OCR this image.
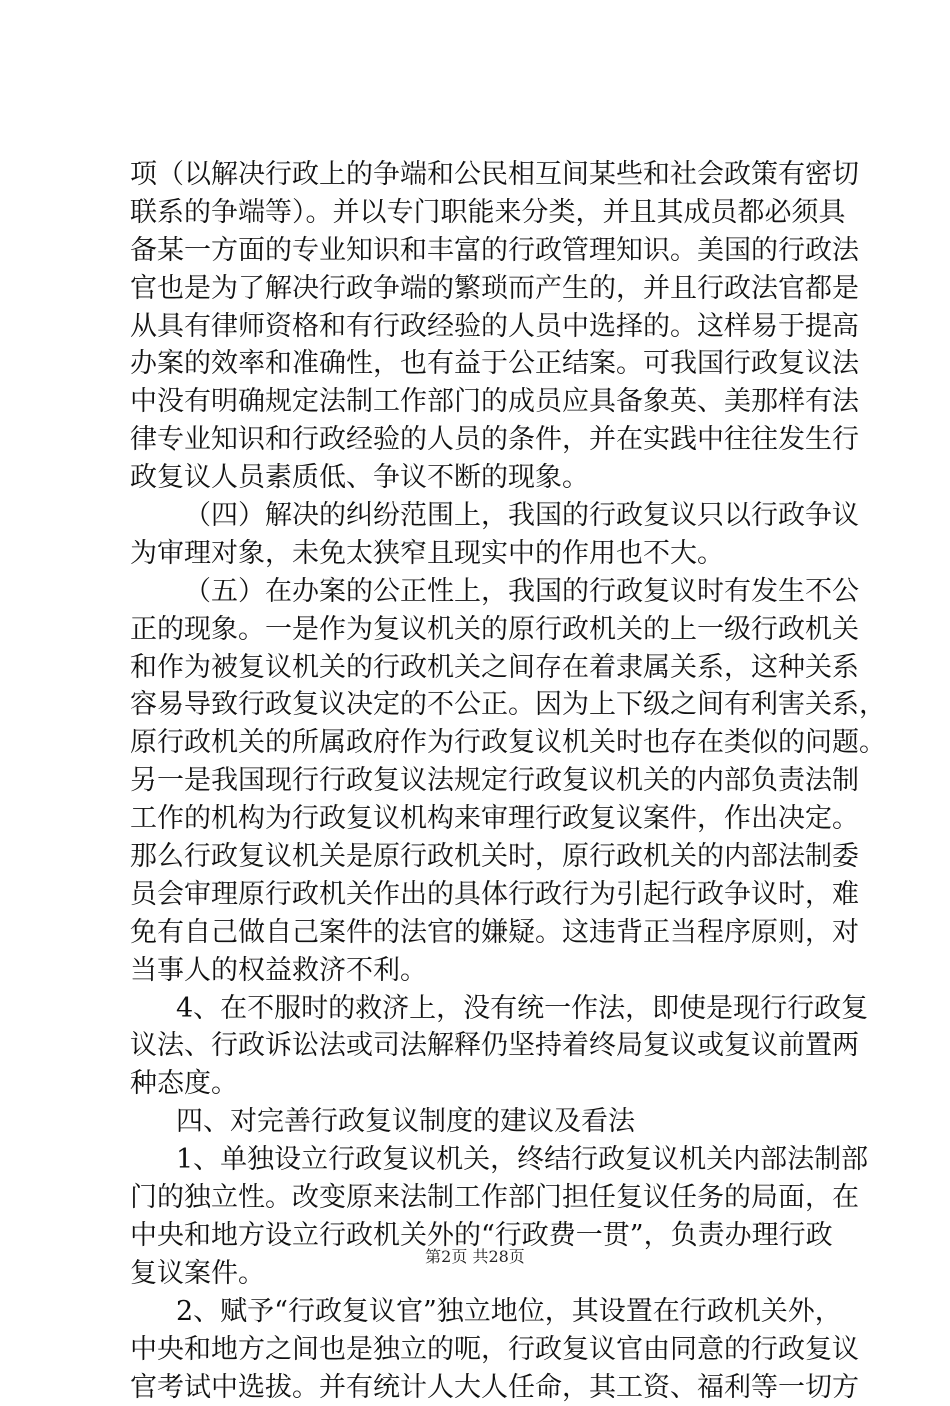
项（以解决行政上的争端和公民相互间某些和社会政策有密切
联系的争端等）。并以专门职能来分类，并且其成员都必须具
备某一方面的专业知识和丰富的行政管理知识。美国的行政法
官也是为了解决行政争端的繁琐而产生的，并且行政法官都是
从具有律师资格和有行政经验的人员中选择的。这样易于提高
办案的效率和准确性，也有益于公正结案。可我国行政复议法
中没有明确规定法制工作部门的成员应具备象英、美那样有法
律专业知识和行政经验的人员的条件，并在实践中往往发生行
政复议人员素质低、争议不断的现象。
（四）解决的纠纷范围上，我国的行政复议只以行政争议
为审理对象，未免太狭窄且现实中的作用也不大。
（五）在办案的公正性上，我国的行政复议时有发生不公
正的现象。一是作为复议机关的原行政机关的上一级行政机关
和作为被复议机关的行政机关之间存在着隶属关系，这种关系
容易导致行政复议决定的不公正。因为上下级之间有利害关系，
原行政机关的所属政府作为行政复议机关时也存在类似的问题。
另一是我国现行行政复议法规定行政复议机关的内部负责法制
工作的机构为行政复议机构来审理行政复议案件，作出决定。
那么行政复议机关是原行政机关时，原行政机关的内部法制委
员会审理原行政机关作出的具体行政行为引起行政争议时，难
免有自己做自己案件的法官的嫌疑。这违背正当程序原则，对
当事人的权益救济不利。
4、在不服时的救济上，没有统一作法，即使是现行行政复
议法、行政诉讼法或司法解释仍坚持着终局复议或复议前置两
种态度。
四、对完善行政复议制度的建议及看法
1、单独设立行政复议机关，终结行政复议机关内部法制部
门的独立性。改变原来法制工作部门担任复议任务的局面，在
中央和地方设立行政机关外的“行政费一贯”，负责办理行政
复议案件。
2、赋予“行政复议官”独立地位，其设置在行政机关外，
中央和地方之间也是独立的呃，行政复议官由同意的行政复议
官考试中选拔。并有统计人大人任命，其工资、福利等一切方
第2页 共28页
